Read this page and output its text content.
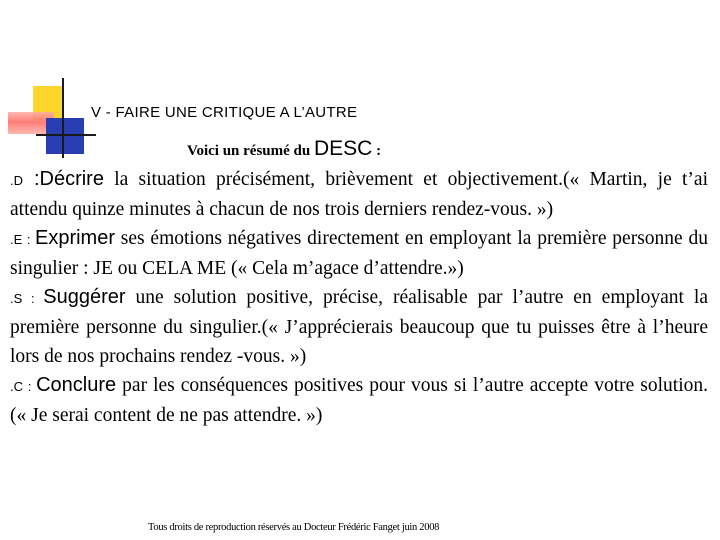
V - FAIRE UNE CRITIQUE A L’AUTRE
Voici un résumé du DESC :

.D :Décrire la situation précisément, brièvement et objectivement.(« Martin, je t’ai attendu quinze minutes à chacun de nos trois derniers rendez-vous. »)

.E : Exprimer ses émotions négatives directement en employant la première personne du singulier : JE ou CELA ME (« Cela m’agace d’attendre.»)

.S : Suggérer une solution positive, précise, réalisable par l’autre en employant la première personne du singulier.(« J’apprécierais beaucoup que tu puisses être à l’heure lors de nos prochains rendez -vous. »)

.C : Conclure par les conséquences positives pour vous si l’autre accepte votre solution.(« Je serai content de ne pas attendre. »)

Tous droits de reproduction réservés au Docteur Frédéric Fanget juin 2008
